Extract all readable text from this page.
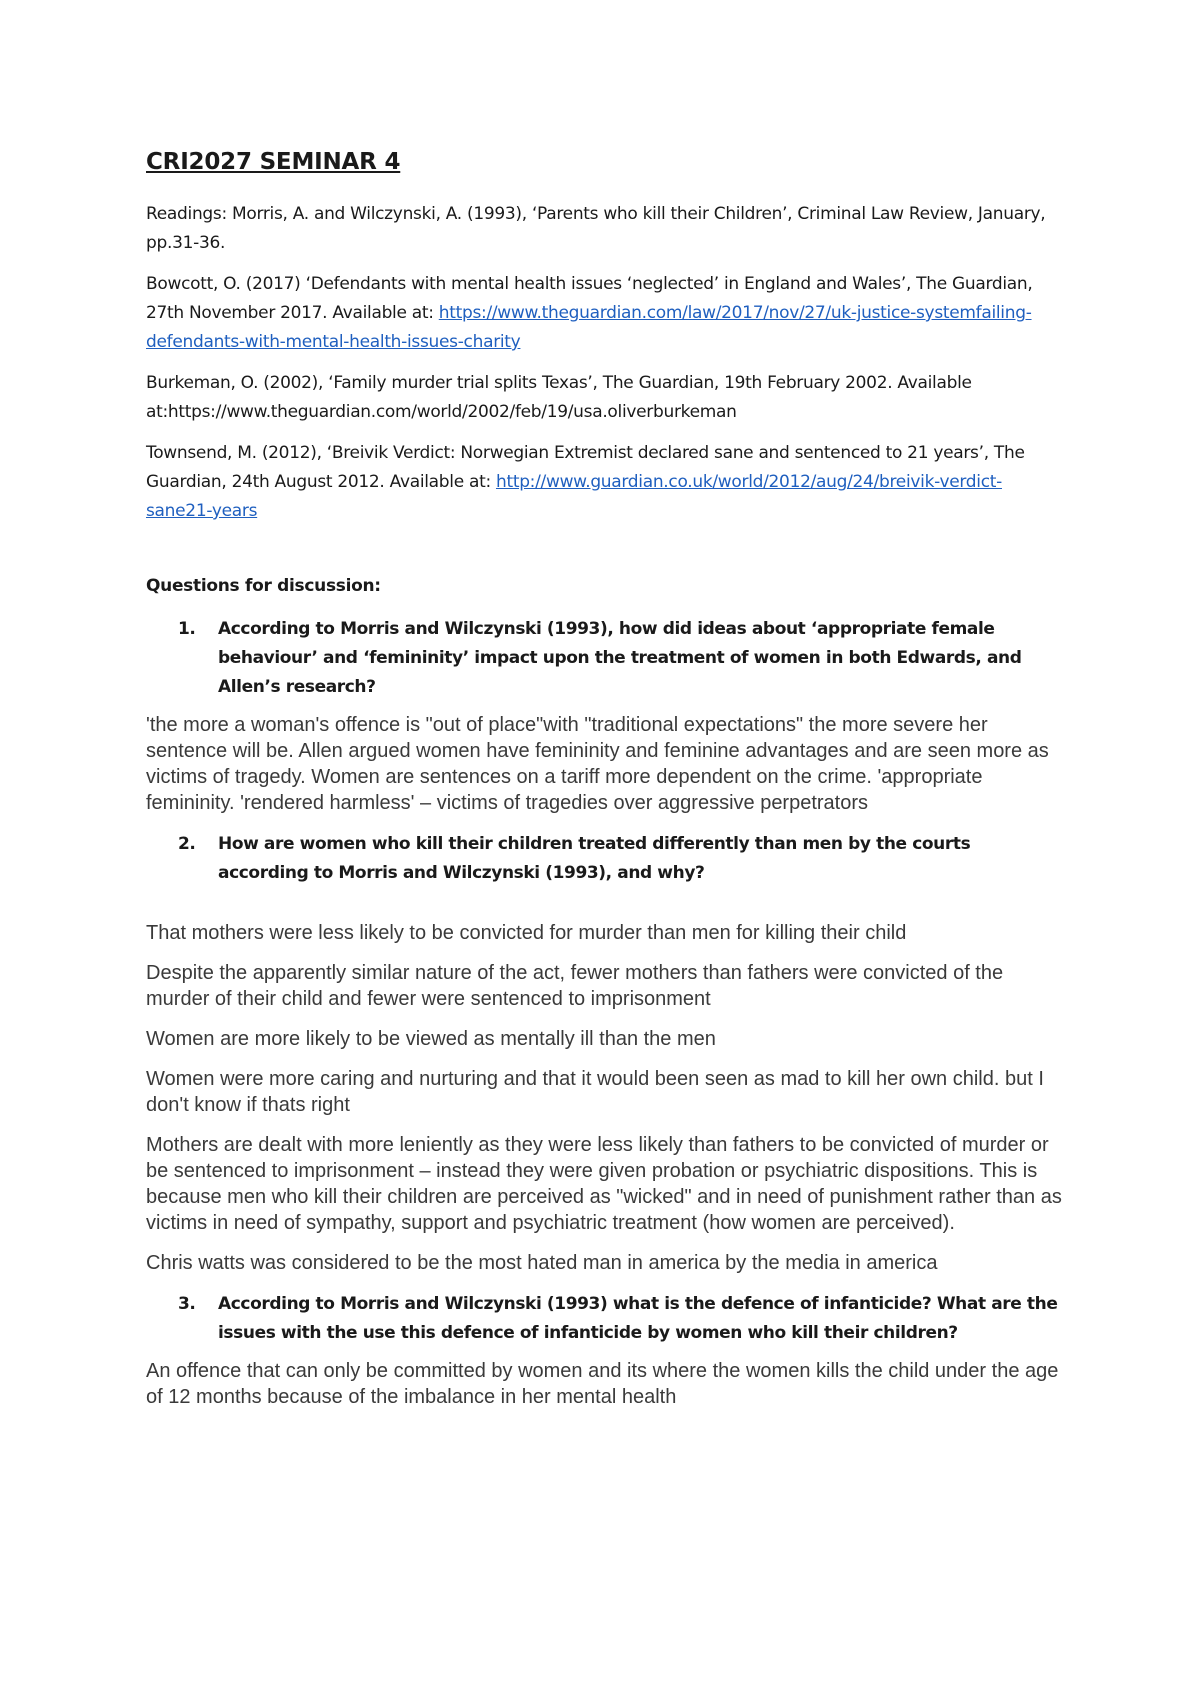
CRI2027 SEMINAR 4

Readings: Morris, A. and Wilczynski, A. (1993), ‘Parents who kill their Children’, Criminal Law Review, January, pp.31-36.

Bowcott, O. (2017) ‘Defendants with mental health issues ‘neglected’ in England and Wales’, The Guardian, 27th November 2017. Available at: https://www.theguardian.com/law/2017/nov/27/uk-justice-systemfailing-defendants-with-mental-health-issues-charity

Burkeman, O. (2002), ‘Family murder trial splits Texas’, The Guardian, 19th February 2002. Available at:https://www.theguardian.com/world/2002/feb/19/usa.oliverburkeman

Townsend, M. (2012), ‘Breivik Verdict: Norwegian Extremist declared sane and sentenced to 21 years’, The Guardian, 24th August 2012. Available at: http://www.guardian.co.uk/world/2012/aug/24/breivik-verdict-sane21-years

Questions for discussion:

1.	According to Morris and Wilczynski (1993), how did ideas about ‘appropriate female behaviour’ and ‘femininity’ impact upon the treatment of women in both Edwards, and Allen’s research?

'the more a woman's offence is "out of place"with "traditional expectations" the more severe her sentence will be. Allen argued women have femininity and feminine advantages and are seen more as victims of tragedy. Women are sentences on a tariff more dependent on the crime. 'appropriate femininity. 'rendered harmless' – victims of tragedies over aggressive perpetrators

2.	How are women who kill their children treated differently than men by the courts according to Morris and Wilczynski (1993), and why?

That mothers were less likely to be convicted for murder than men for killing their child

Despite the apparently similar nature of the act, fewer mothers than fathers were convicted of the murder of their child and fewer were sentenced to imprisonment

Women are more likely to be viewed as mentally ill than the men

Women were more caring and nurturing and that it would been seen as mad to kill her own child. but I don't know if thats right

Mothers are dealt with more leniently as they were less likely than fathers to be convicted of murder or be sentenced to imprisonment – instead they were given probation or psychiatric dispositions. This is because men who kill their children are perceived as "wicked" and in need of punishment rather than as victims in need of sympathy, support and psychiatric treatment (how women are perceived).

Chris watts was considered to be the most hated man in america by the media in america

3.	According to Morris and Wilczynski (1993) what is the defence of infanticide? What are the issues with the use this defence of infanticide by women who kill their children?

An offence that can only be committed by women and its where the women kills the child under the age of 12 months because of the imbalance in her mental health
